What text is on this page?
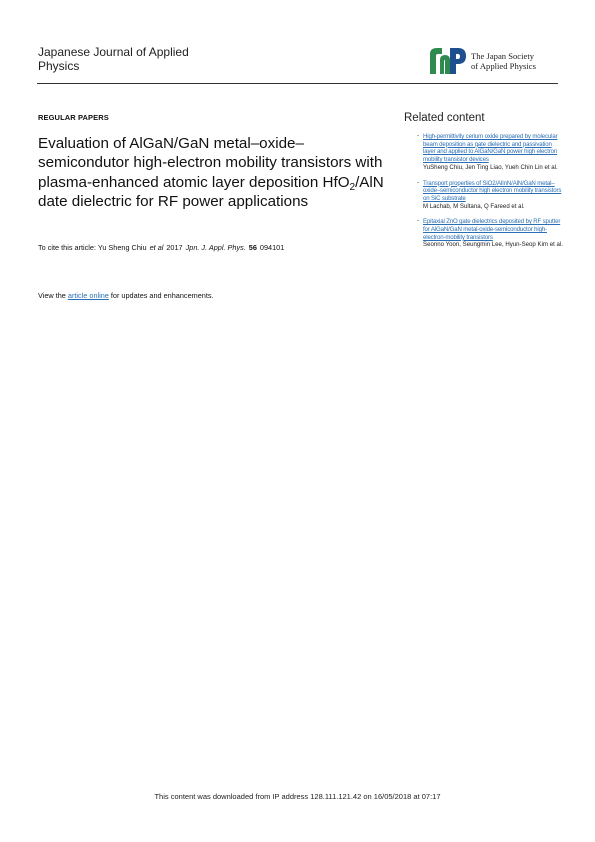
Japanese Journal of Applied
Physics
The Japan Society
of Applied Physics
REGULAR PAPERS
Evaluation of AlGaN/GaN metal–oxide–semicondutor high-electron mobility transistors with plasma-enhanced atomic layer deposition HfO$_2$/AlN date dielectric for RF power applications
To cite this article: Yu Sheng Chiu et al 2017 Jpn. J. Appl. Phys. 56 094101
View the article online for updates and enhancements.
Related content
- High-permittivity cerium oxide prepared by molecular beam deposition as gate dielectric and passivation layer and applied to AlGaN/GaN power high electron mobility transistor devices
YuSheng Chiu, Jen Ting Liao, Yueh Chin Lin et al.
- Transport properties of SiO2/AlInN/AlN/GaN metal–oxide–semiconductor high electron mobility transistors on SiC substrate
M Lachab, M Sultana, Q Fareed et al.
- Epitaxial ZnO gate dielectrics deposited by RF sputter for AlGaN/GaN metal-oxide-semiconductor high-electron-mobility transistors
Seonno Yoon, Seungmin Lee, Hyun-Seop Kim et al.
This content was downloaded from IP address 128.111.121.42 on 16/05/2018 at 07:17
